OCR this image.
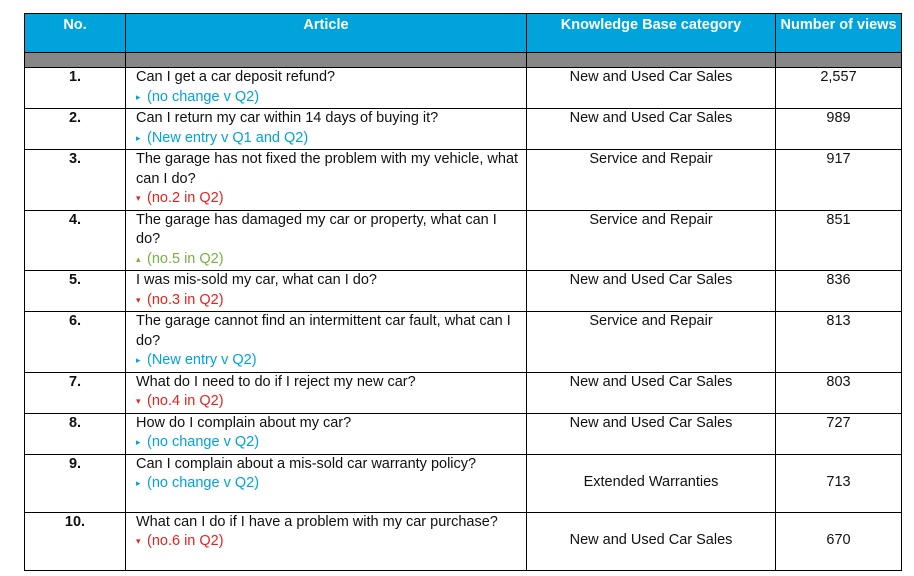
No.	Article	Knowledge Base category	Number of views

1.	Can I get a car deposit refund?
▸ (no change v Q2)	New and Used Car Sales	2,557
2.	Can I return my car within 14 days of buying it?
▸ (New entry v Q1 and Q2)	New and Used Car Sales	989
3.	The garage has not fixed the problem with my vehicle, what can I do?
▾ (no.2 in Q2)	Service and Repair	917
4.	The garage has damaged my car or property, what can I do?
▴ (no.5 in Q2)	Service and Repair	851
5.	I was mis-sold my car, what can I do?
▾ (no.3 in Q2)	New and Used Car Sales	836
6.	The garage cannot find an intermittent car fault, what can I do?
▸ (New entry v Q2)	Service and Repair	813
7.	What do I need to do if I reject my new car?
▾ (no.4 in Q2)	New and Used Car Sales	803
8.	How do I complain about my car?
▸ (no change v Q2)	New and Used Car Sales	727
9.	Can I complain about a mis-sold car warranty policy?
▸ (no change v Q2)	Extended Warranties	713
10.	What can I do if I have a problem with my car purchase?
▾ (no.6 in Q2)	New and Used Car Sales	670
